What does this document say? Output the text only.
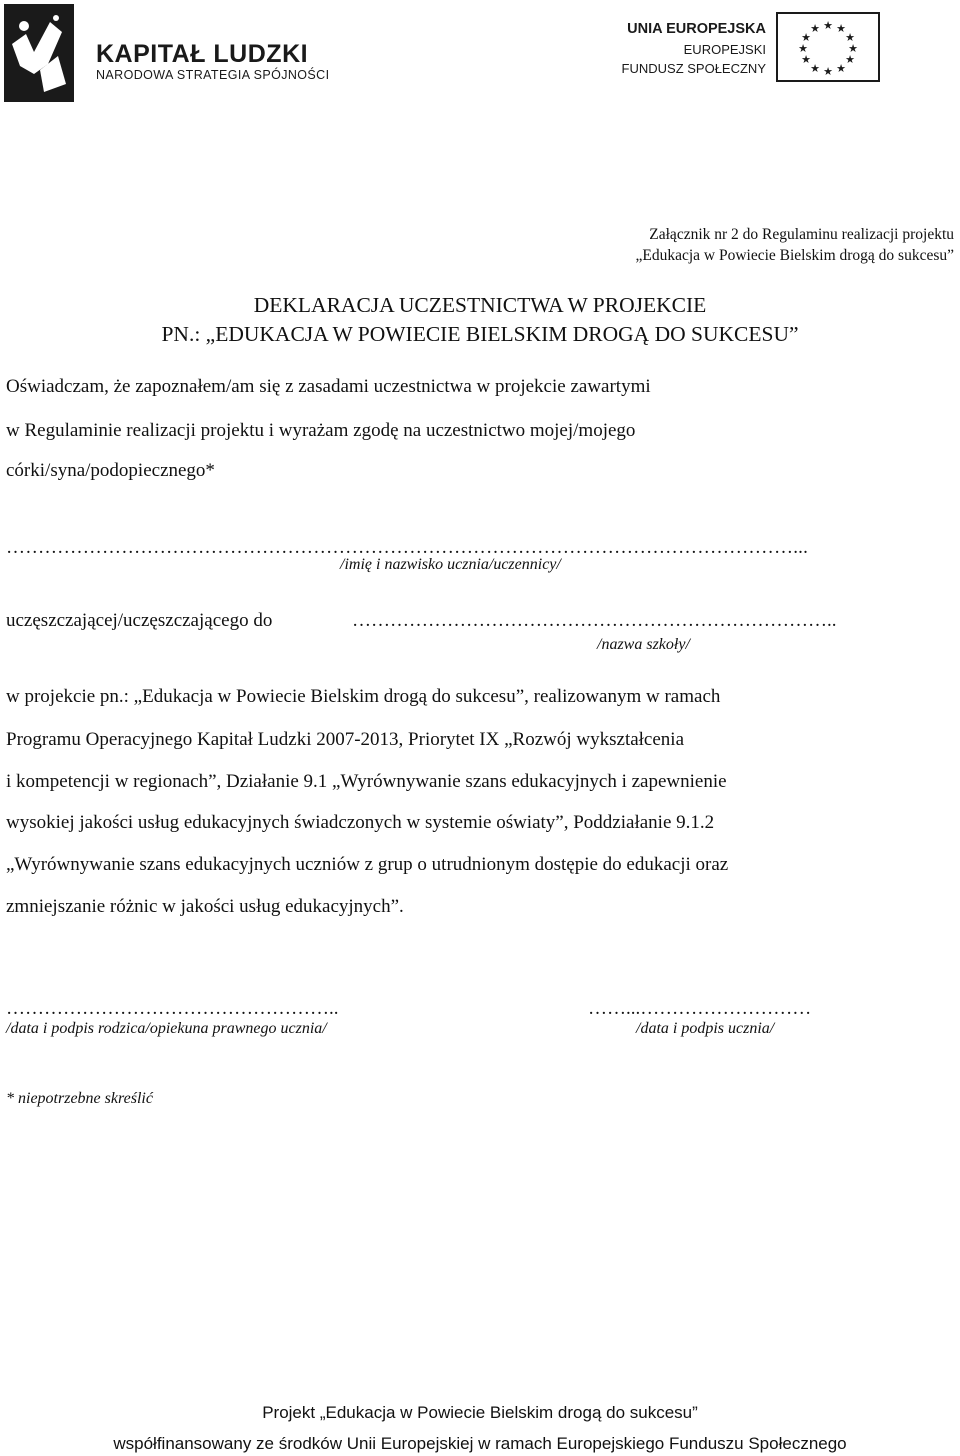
KAPITAŁ LUDZKI
NARODOWA STRATEGIA SPÓJNOŚCI
UNIA EUROPEJSKA
EUROPEJSKI
FUNDUSZ SPOŁECZNY
★ ★
★
★
★
★
★
★
★
★
★
★
Załącznik nr 2 do Regulaminu realizacji projektu
„Edukacja w Powiecie Bielskim drogą do sukcesu”
DEKLARACJA UCZESTNICTWA W PROJEKCIE
PN.: „EDUKACJA W POWIECIE BIELSKIM DROGĄ DO SUKCESU”
Oświadczam, że zapoznałem/am się z zasadami uczestnictwa w projekcie zawartymi
w Regulaminie realizacji projektu i wyrażam zgodę na uczestnictwo mojej/mojego
córki/syna/podopiecznego*
……………………………………………………………………………………………………………...
/imię i nazwisko ucznia/uczennicy/
uczęszczającej/uczęszczającego do	…………………………………………………………………..
/nazwa szkoły/
w projekcie pn.: „Edukacja w Powiecie Bielskim drogą do sukcesu”, realizowanym w ramach
Programu Operacyjnego Kapitał Ludzki 2007-2013, Priorytet IX „Rozwój wykształcenia
i kompetencji w regionach”, Działanie 9.1 „Wyrównywanie szans edukacyjnych i zapewnienie
wysokiej jakości usług edukacyjnych świadczonych w systemie oświaty”, Poddziałanie 9.1.2
„Wyrównywanie szans edukacyjnych uczniów z grup o utrudnionym dostępie do edukacji oraz
zmniejszanie różnic w jakości usług edukacyjnych”.
……………………………………………..	……...………………………
/data i podpis rodzica/opiekuna prawnego ucznia/	/data i podpis ucznia/
* niepotrzebne skreślić
Projekt „Edukacja w Powiecie Bielskim drogą do sukcesu”
współfinansowany ze środków Unii Europejskiej w ramach Europejskiego Funduszu Społecznego
